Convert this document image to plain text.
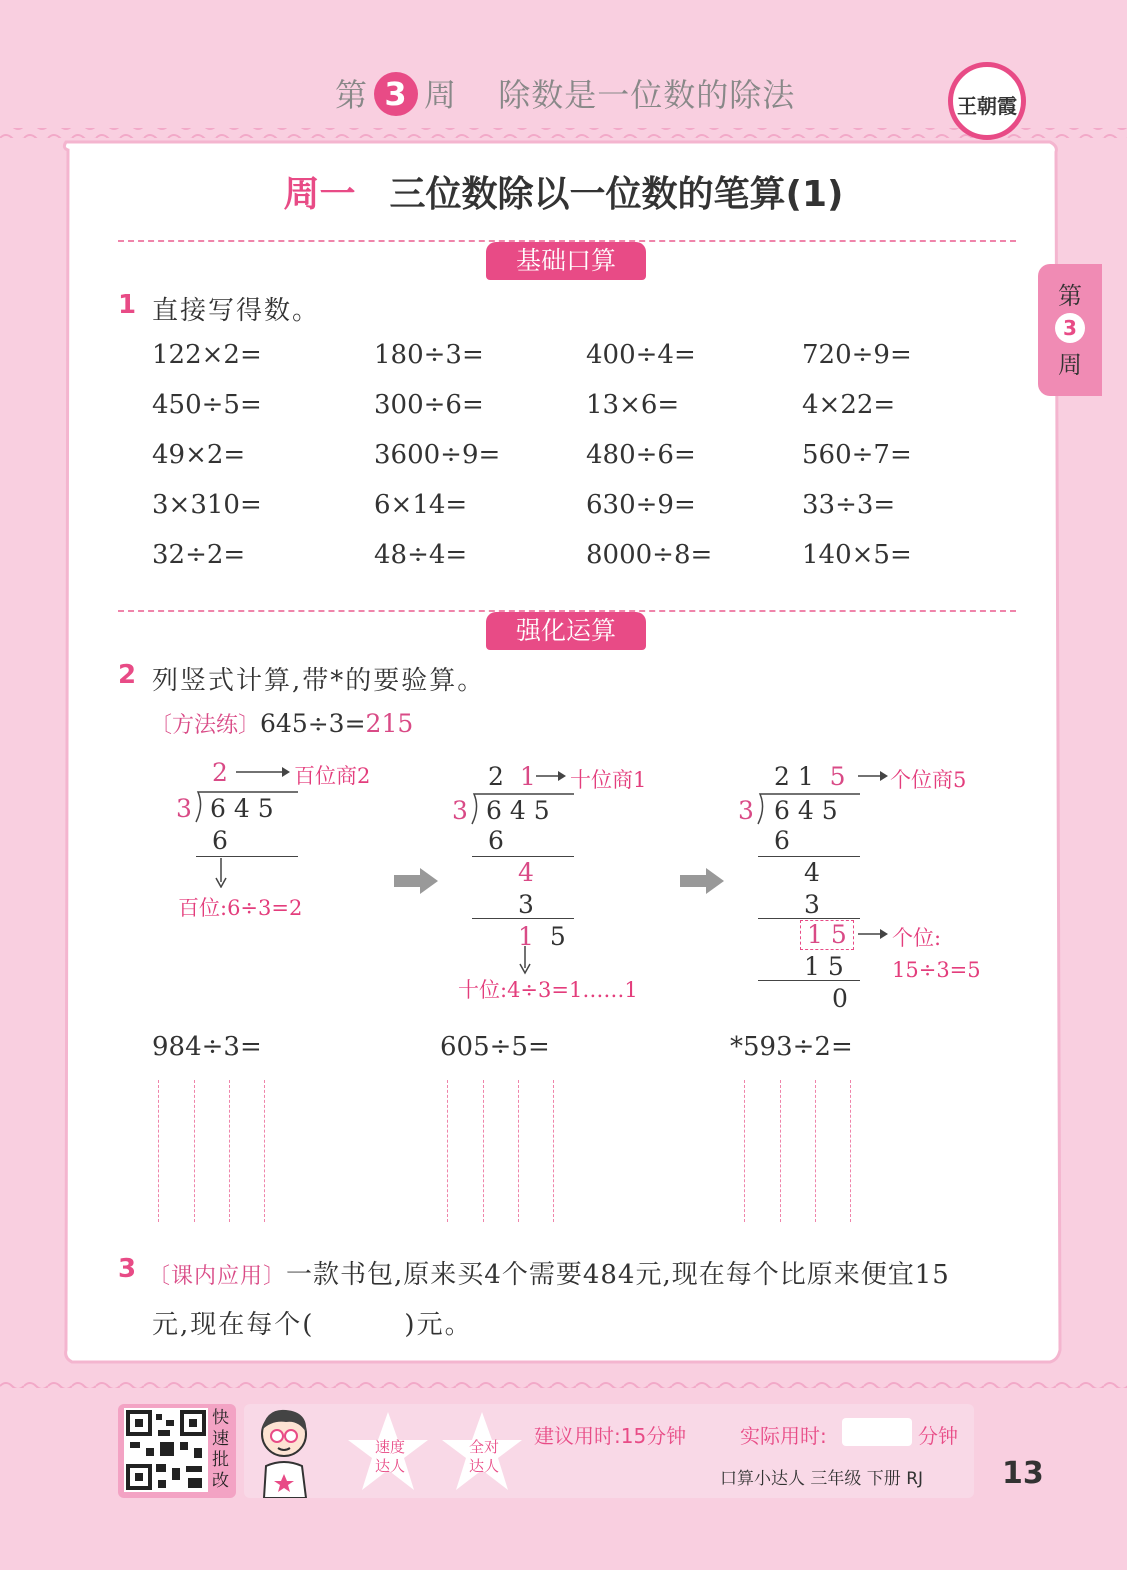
第 3 周 除数是一位数的除法	王朝霞
周一 三位数除以一位数的笔算(1)
第
3
周
基础口算
1 直接写得数。
122×2=	180÷3=	400÷4=	720÷9=
450÷5=	300÷6=	13×6=	4×22=
49×2=	3600÷9=	480÷6=	560÷7=
3×310=	6×14=	630÷9=	33÷3=
32÷2=	48÷4=	8000÷8=	140×5=
强化运算
2 列竖式计算,带*的要验算。
〔方法练〕645÷3=215
2	百位商2
3 6 4 5
6
百位:6÷3=2
2 1 十位商1
3 6 4 5
6
4
3
1 5
十位:4÷3=1……1
2 1 5 个位商5
3 6 4 5
6
4
3
1 5	个位:
15÷3=5
1 5
0
984÷3=	605÷5=	*593÷2=
3 〔课内应用〕一款书包,原来买4个需要484元,现在每个比原来便宜15
元,现在每个(	)元。
快速批改
速度达人
全对达人
建议用时:15分钟	实际用时:	分钟
口算小达人 三年级 下册 RJ	13
